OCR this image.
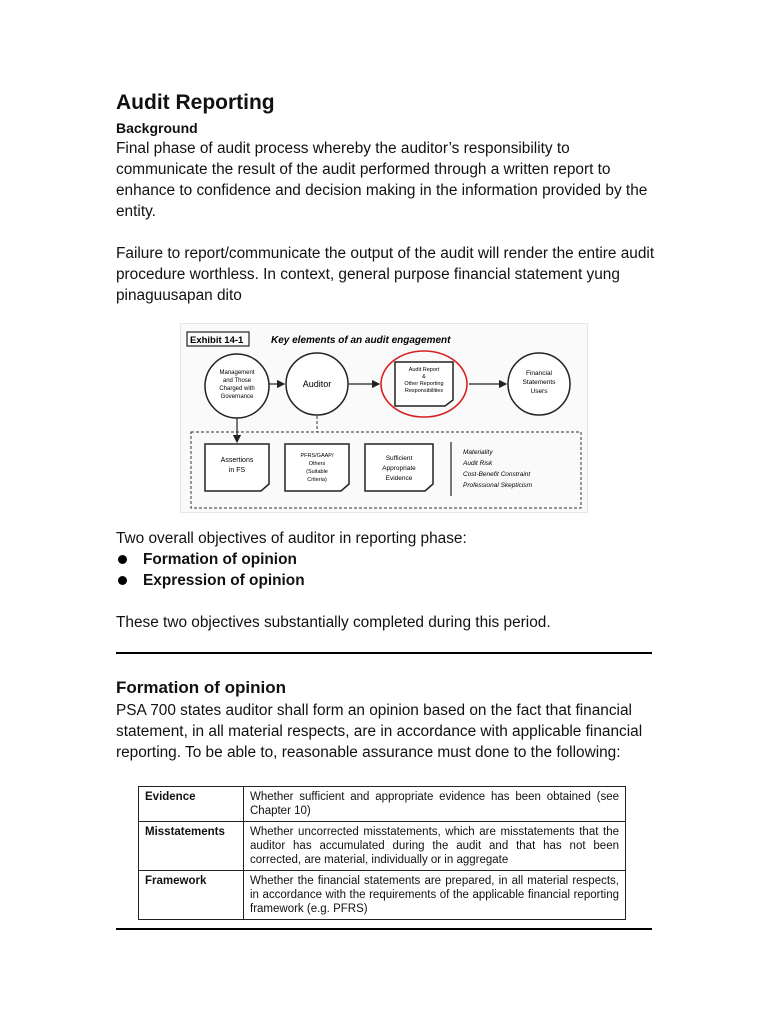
Audit Reporting
Background

Final phase of audit process whereby the auditor’s responsibility to communicate the result of the audit performed through a written report to enhance to confidence and decision making in the information provided by the entity.

Failure to report/communicate the output of the audit will render the entire audit procedure worthless. In context, general purpose financial statement yung pinaguusapan dito

Exhibit 14-1	Key elements of an audit engagement
Management
and Those
Charged with
Governance
Auditor
Audit Report
&
Other Reporting
Responsibilities
Financial
Statements
Users
Assertions
in FS
PFRS/GAAP/
Others
(Suitable
Criteria)
Sufficient
Appropriate
Evidence
Materiality
Audit Risk
Cost-Benefit Constraint
Professional Skepticism

Two overall objectives of auditor in reporting phase:

Formation of opinion
Expression of opinion

These two objectives substantially completed during this period.

Formation of opinion

PSA 700 states auditor shall form an opinion based on the fact that financial statement, in all material respects, are in accordance with applicable financial reporting. To be able to, reasonable assurance must done to the following:

Evidence	Whether sufficient and appropriate evidence has been obtained (see Chapter 10)
Misstatements	Whether uncorrected misstatements, which are misstatements that the auditor has accumulated during the audit and that has not been corrected, are material, individually or in aggregate
Framework	Whether the financial statements are prepared, in all material respects, in accordance with the requirements of the applicable financial reporting framework (e.g. PFRS)
